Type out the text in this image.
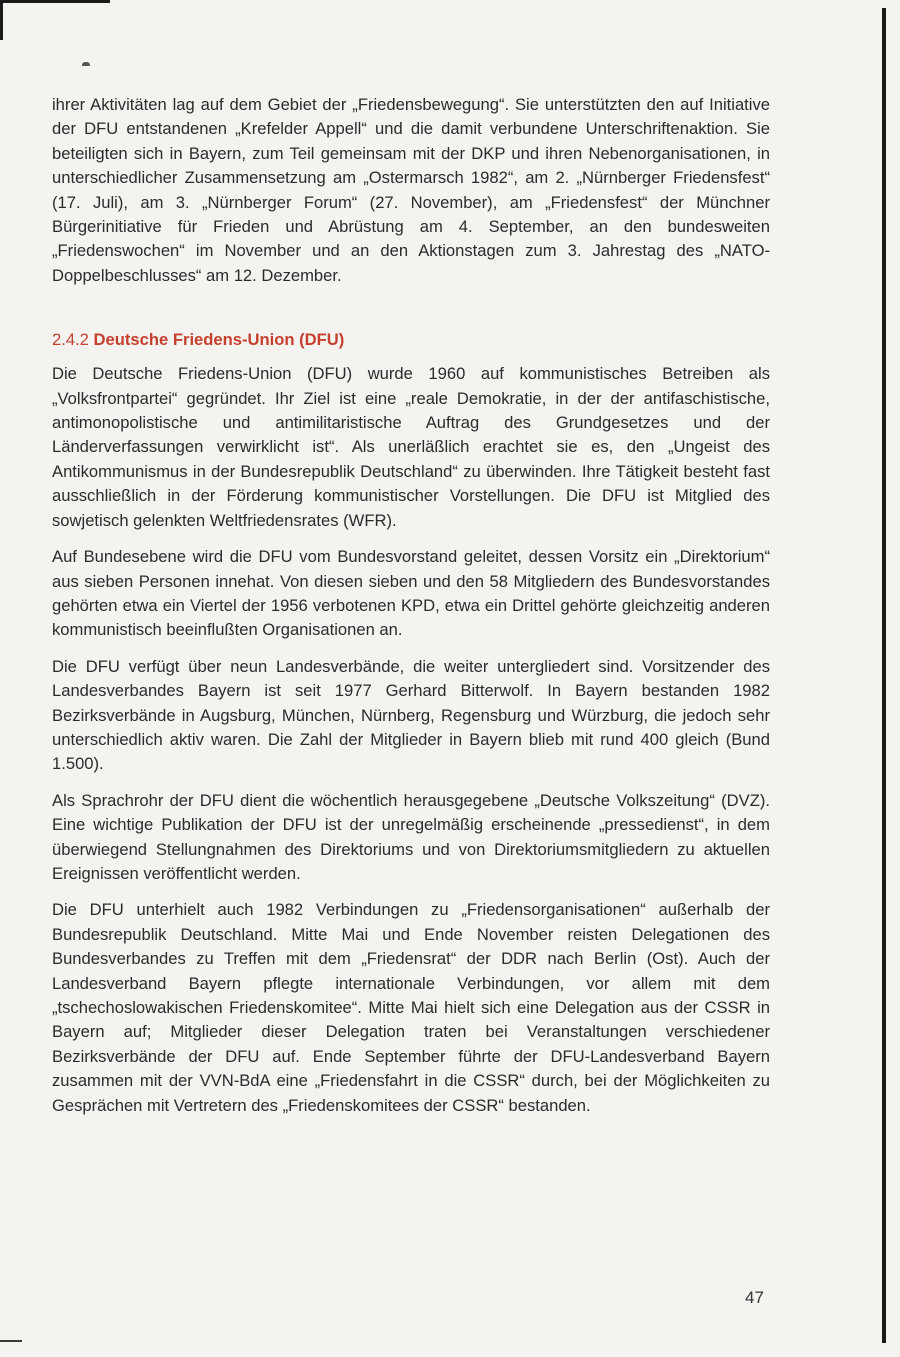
ihrer Aktivitäten lag auf dem Gebiet der „Friedensbewegung“. Sie unterstützten den auf Initiative der DFU entstandenen „Krefelder Appell“ und die damit verbundene Unterschriftenaktion. Sie beteiligten sich in Bayern, zum Teil gemeinsam mit der DKP und ihren Nebenorganisationen, in unterschiedlicher Zusammensetzung am „Ostermarsch 1982“, am 2. „Nürnberger Friedensfest“ (17. Juli), am 3. „Nürnberger Forum“ (27. November), am „Friedensfest“ der Münchner Bürgerinitiative für Frieden und Abrüstung am 4. September, an den bundesweiten „Friedenswochen“ im November und an den Aktionstagen zum 3. Jahrestag des „NATO-Doppelbeschlusses“ am 12. Dezember.

2.4.2 Deutsche Friedens-Union (DFU)

Die Deutsche Friedens-Union (DFU) wurde 1960 auf kommunistisches Betreiben als „Volksfrontpartei“ gegründet. Ihr Ziel ist eine „reale Demokratie, in der der antifaschistische, antimonopolistische und antimilitaristische Auftrag des Grundgesetzes und der Länderverfassungen verwirklicht ist“. Als unerläßlich erachtet sie es, den „Ungeist des Antikommunismus in der Bundesrepublik Deutschland“ zu überwinden. Ihre Tätigkeit besteht fast ausschließlich in der Förderung kommunistischer Vorstellungen. Die DFU ist Mitglied des sowjetisch gelenkten Weltfriedensrates (WFR).

Auf Bundesebene wird die DFU vom Bundesvorstand geleitet, dessen Vorsitz ein „Direktorium“ aus sieben Personen innehat. Von diesen sieben und den 58 Mitgliedern des Bundesvorstandes gehörten etwa ein Viertel der 1956 verbotenen KPD, etwa ein Drittel gehörte gleichzeitig anderen kommunistisch beeinflußten Organisationen an.

Die DFU verfügt über neun Landesverbände, die weiter untergliedert sind. Vorsitzender des Landesverbandes Bayern ist seit 1977 Gerhard Bitterwolf. In Bayern bestanden 1982 Bezirksverbände in Augsburg, München, Nürnberg, Regensburg und Würzburg, die jedoch sehr unterschiedlich aktiv waren. Die Zahl der Mitglieder in Bayern blieb mit rund 400 gleich (Bund 1.500).

Als Sprachrohr der DFU dient die wöchentlich herausgegebene „Deutsche Volkszeitung“ (DVZ). Eine wichtige Publikation der DFU ist der unregelmäßig erscheinende „pressedienst“, in dem überwiegend Stellungnahmen des Direktoriums und von Direktoriumsmitgliedern zu aktuellen Ereignissen veröffentlicht werden.

Die DFU unterhielt auch 1982 Verbindungen zu „Friedensorganisationen“ außerhalb der Bundesrepublik Deutschland. Mitte Mai und Ende November reisten Delegationen des Bundesverbandes zu Treffen mit dem „Friedensrat“ der DDR nach Berlin (Ost). Auch der Landesverband Bayern pflegte internationale Verbindungen, vor allem mit dem „tschechoslowakischen Friedenskomitee“. Mitte Mai hielt sich eine Delegation aus der CSSR in Bayern auf; Mitglieder dieser Delegation traten bei Veranstaltungen verschiedener Bezirksverbände der DFU auf. Ende September führte der DFU-Landesverband Bayern zusammen mit der VVN-BdA eine „Friedensfahrt in die CSSR“ durch, bei der Möglichkeiten zu Gesprächen mit Vertretern des „Friedenskomitees der CSSR“ bestanden.

47
